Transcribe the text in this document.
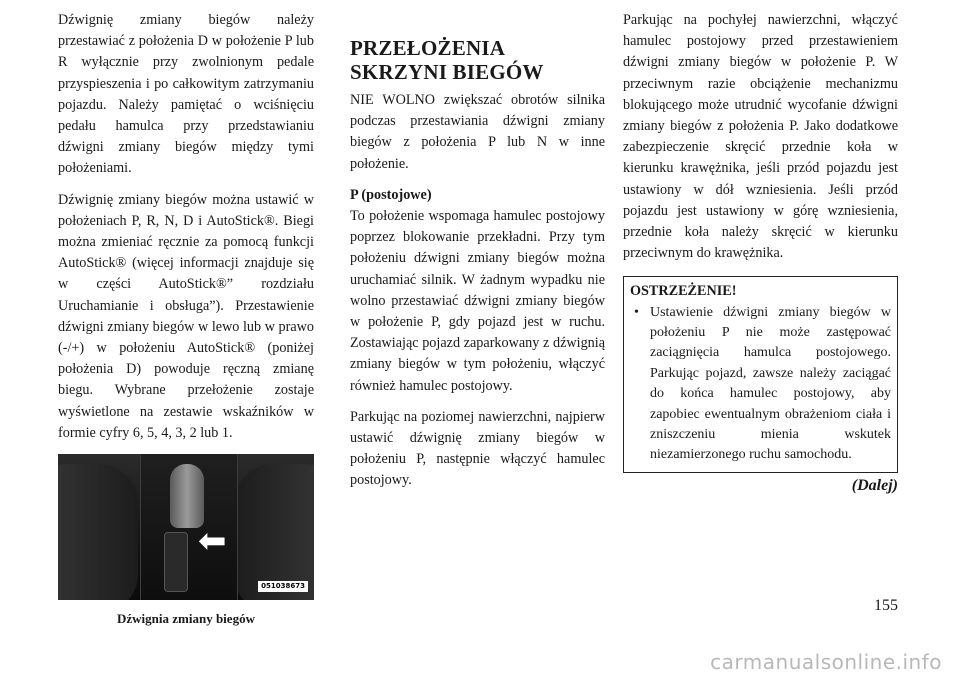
Dźwignię zmiany biegów należy przestawiać z położenia D w położenie P lub R wyłącznie przy zwolnionym pedale przyspieszenia i po całkowitym zatrzymaniu pojazdu. Należy pamiętać o wciśnięciu pedału hamulca przy przedstawianiu dźwigni zmiany biegów między tymi położeniami.

Dźwignię zmiany biegów można ustawić w położeniach P, R, N, D i AutoStick®. Biegi można zmieniać ręcznie za pomocą funkcji AutoStick® (więcej informacji znajduje się w części AutoStick®” rozdziału Uruchamianie i obsługa”). Przestawienie dźwigni zmiany biegów w lewo lub w prawo (-/+) w położeniu AutoStick® (poniżej położenia D) powoduje ręczną zmianę biegu. Wybrane przełożenie zostaje wyświetlone na zestawie wskaźników w formie cyfry 6, 5, 4, 3, 2 lub 1.

⬅
051038673
Dźwignia zmiany biegów
PRZEŁOŻENIA SKRZYNI BIEGÓW

NIE WOLNO zwiększać obrotów silnika podczas przestawiania dźwigni zmiany biegów z położenia P lub N w inne położenie.

P (postojowe)

To położenie wspomaga hamulec postojowy poprzez blokowanie przekładni. Przy tym położeniu dźwigni zmiany biegów można uruchamiać silnik. W żadnym wypadku nie wolno przestawiać dźwigni zmiany biegów w położenie P, gdy pojazd jest w ruchu. Zostawiając pojazd zaparkowany z dźwignią zmiany biegów w tym położeniu, włączyć również hamulec postojowy.

Parkując na poziomej nawierzchni, najpierw ustawić dźwignię zmiany biegów w położeniu P, następnie włączyć hamulec postojowy.

Parkując na pochyłej nawierzchni, włączyć hamulec postojowy przed przestawieniem dźwigni zmiany biegów w położenie P. W przeciwnym razie obciążenie mechanizmu blokującego może utrudnić wycofanie dźwigni zmiany biegów z położenia P. Jako dodatkowe zabezpieczenie skręcić przednie koła w kierunku krawężnika, jeśli przód pojazdu jest ustawiony w dół wzniesienia. Jeśli przód pojazdu jest ustawiony w górę wzniesienia, przednie koła należy skręcić w kierunku przeciwnym do krawężnika.

OSTRZEŻENIE!
• Ustawienie dźwigni zmiany biegów w położeniu P nie może zastępować zaciągnięcia hamulca postojowego. Parkując pojazd, zawsze należy zaciągać do końca hamulec postojowy, aby zapobiec ewentualnym obrażeniom ciała i zniszczeniu mienia wskutek niezamierzonego ruchu samochodu.
(Dalej)
155
carmanualsonline.info
